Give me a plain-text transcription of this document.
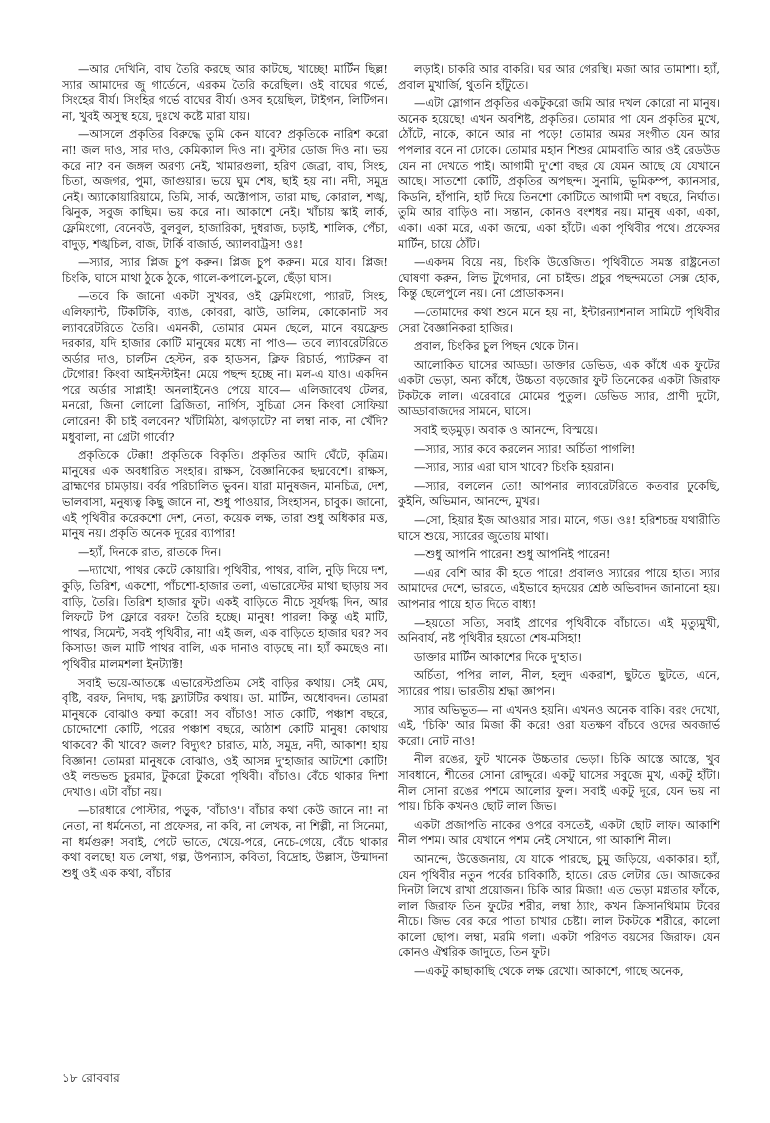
—আর দেখিনি, বাঘ তৈরি করছে আর কাটছে, খাচ্ছে! মার্টিন ছিল্ল! স্যার আমাদের জু গার্ডেনে, এরকম তৈরি করেছিল। ওই বাঘের গর্ভে, সিংহের বীর্য। সিংহির গর্ভে বাঘের বীর্য। ওসব হয়েছিল, টাইগন, লিটিগন। না, খুবই অসুস্থ হয়ে, দুঃখে কষ্টে মারা যায়।

—আসলে প্রকৃতির বিরুদ্ধে তুমি কেন যাবে? প্রকৃতিকে নারিশ করো না! জল দাও, সার দাও, কেমিক্যাল দিও না। বুস্টার ডোজ দিও না। ভয় করে না? বন জঙ্গল অরণ্য নেই, খামারগুলা, হরিণ জেব্রা, বাঘ, সিংহ, চিতা, অজগর, পুমা, জাগুয়ার। ভয়ে ঘুম শেষ, ছাই হয় না। নদী, সমুদ্র নেই। অ্যাকোয়ারিয়ামে, তিমি, সার্ক, অক্টোপাস, তারা মাছ, কোরাল, শঙ্খ, ঝিনুক, সবুজ কাছিম। ভয় করে না। আকাশে নেই। খাঁচায় স্কাই লার্ক, ফ্লেমিংগো, বেনেবউ, বুলবুল, হাজারিকা, দুধরাজ, চড়াই, শালিক, পেঁচা, বাদুড়, শঙ্খচিল, বাজ, টার্কি বাজার্ড, অ্যালবাট্রস! ওঃ!

—স্যার, স্যার প্লিজ চুপ করুন। প্লিজ চুপ করুন। মরে যাব। প্লিজ! চিংকি, ঘাসে মাথা ঠুকে ঠুকে, গালে-কপালে-চুলে, ছেঁড়া ঘাস।

—তবে কি জানো একটা সুখবর, ওই ফ্লেমিংগো, প্যারট, সিংহ, এলিফ্যান্ট, টিকটিকি, ব্যাঙ, কোবরা, ঝাউ, ডালিম, কোকোনাট সব ল্যাবরেটরিতে তৈরি। এমনকী, তোমার মেমন ছেলে, মানে বয়ফ্রেন্ড দরকার, যদি হাজার কোটি মানুষের মধ্যে না পাও— তবে ল্যাবরেটরিতে অর্ডার দাও, চার্লটন হেস্টন, রক হাডসন, ক্লিফ রিচার্ড, প্যাটরুন বা টেগোর! কিংবা আইনস্টাইন! মেয়ে পছন্দ হচ্ছে না। মল-এ যাও। একদিন পরে অর্ডার সাপ্লাই! অনলাইনেও পেয়ে যাবে— এলিজাবেথ টেলর, মনরো, জিনা লোলো ব্রিজিতা, নার্গিস, সুচিত্রা সেন কিংবা সোফিয়া লোরেন! কী চাই বলবেন? খাঁটামিঠা, ঝগড়াটে? না লম্বা নাক, না খেঁদি? মধুবালা, না গ্রেটা গার্বো?

প্রকৃতিকে টেক্কা! প্রকৃতিকে বিকৃতি। প্রকৃতির আদি ঘেঁটে, কৃত্রিম। মানুষের এক অবধারিত সংহার। রাক্ষস, বৈজ্ঞানিকের ছদ্মবেশে। রাক্ষস, ব্রাহ্মণের চামড়ায়। বর্বর পরিচালিত ভুবন। যারা মানুষজন, মানচিত্র, দেশ, ভালবাসা, মনুষ্যত্ব কিছু জানে না, শুধু পাওয়ার, সিংহাসন, চাবুক। জানো, এই পৃথিবীর করেকশো দেশ, নেতা, কয়েক লক্ষ, তারা শুধু অধিকার মত্ত, মানুষ নয়। প্রকৃতি অনেক দূরের ব্যাপার!

—হ্যাঁ, দিনকে রাত, রাতকে দিন।

—দ্যাখো, পাথর কেটে কোয়ারি। পৃথিবীর, পাথর, বালি, নুড়ি দিয়ে দশ, কুড়ি, তিরিশ, একশো, পাঁচশো-হাজার তলা, এভারেস্টের মাথা ছাড়ায় সব বাড়ি, তৈরি। তিরিশ হাজার ফুট। একই বাড়িতে নীচে সূর্যদগ্ধ দিন, আর লিফটে টপ ফ্লোরে বরফ! তৈরি হচ্ছে। মানুষ! পারল! কিন্তু এই মাটি, পাথর, সিমেন্ট, সবই পৃথিবীর, না! এই জল, এক বাড়িতে হাজার ঘর? সব কিসাড! জল মাটি পাথর বালি, এক দানাও বাড়ছে না। হ্যাঁ কমছেও না। পৃথিবীর মালমশলা ইনট্যাক্ট!

সবাই ভয়ে-আতঙ্কে এভারেস্টপ্রতিম সেই বাড়ির কথায়। সেই মেঘ, বৃষ্টি, বরফ, নিদাঘ, দগ্ধ ফ্ল্যাটটির কথায়। ডা. মার্টিন, অধোবদন। তোমরা মানুষকে বোঝাও কম্মা করো! সব বাঁচাও! সাত কোটি, পঞ্চাশ বছরে, চোদ্দোশো কোটি, পরের পঞ্চাশ বছরে, আঠাশ কোটি মানুষ! কোথায় থাকবে? কী খাবে? জল? বিদ্যুৎ? চারাত, মাঠ, সমুদ্র, নদী, আকাশ! হায় বিজ্ঞান! তোমরা মানুষকে বোঝাও, ওই আসন্ন দু'হাজার আটশো কোটি! ওই লন্ডভন্ড চুরমার, টুকরো টুকরো পৃথিবী। বাঁচাও। বেঁচে থাকার দিশা দেখাও। এটা বাঁচা নয়।

—চারধারে পোস্টার, পড়ুক, 'বাঁচাও'। বাঁচার কথা কেউ জানে না! না নেতা, না ধর্মনেতা, না প্রফেসর, না কবি, না লেখক, না শিল্পী, না সিনেমা, না ধর্মগুরু! সবাই, পেটে ভাতে, খেয়ে-পরে, নেচে-গেয়ে, বেঁচে থাকার কথা বলছে! যত লেখা, গল্প, উপন্যাস, কবিতা, বিদ্রোহ, উল্লাস, উন্মাদনা শুধু ওই এক কথা, বাঁচার

লড়াই। চাকরি আর বাকরি। ঘর আর গেরস্থি। মজা আর তামাশা। হ্যাঁ, প্রবাল মুখার্জি, থুতনি হাঁটুতে।

—এটা স্লোগান প্রকৃতির একটুকরো জমি আর দখল কোরো না মানুষ। অনেক হয়েছে! এখন অবশিষ্ট, প্রকৃতির। তোমার পা যেন প্রকৃতির মুখে, ঠোঁটে, নাকে, কানে আর না পড়ে! তোমার অমর সংগীত যেন আর পপলার বনে না ঢোকে। তোমার মহান শিশুর মোমবাতি আর ওই রেডউড যেন না দেখতে পাই। আগামী দু'শো বছর যে যেমন আছে যে যেখানে আছে। সাতশো কোটি, প্রকৃতির অপছন্দ। সুনামি, ভূমিকম্প, ক্যানসার, কিডনি, হাঁপানি, হার্ট দিয়ে তিনশো কোটিতে আগামী দশ বছরে, নির্ঘাত। তুমি আর বাড়িও না। সন্তান, কোনও বংশধর নয়। মানুষ একা, একা, একা। একা মরে, একা জন্মে, একা হাঁটে। একা পৃথিবীর পথে। প্রফেসর মার্টিন, চায়ে ঠোঁট।

—একদম বিয়ে নয়, চিংকি উত্তেজিত। পৃথিবীতে সমস্ত রাষ্ট্রনেতা ঘোষণা করুন, লিভ টুগেদার, নো চাইল্ড। প্রচুর পছন্দমতো সেক্স হোক, কিন্তু ছেলেপুলে নয়। নো প্রোডাকসন।

—তোমাদের কথা শুনে মনে হয় না, ইন্টারন্যাশনাল সামিটে পৃথিবীর সেরা বৈজ্ঞানিকরা হাজির।

প্রবাল, চিংকির চুল পিছন থেকে টান।

আলোকিত ঘাসের আড্ডা। ডাক্তার ডেভিড, এক কাঁধে এক ফুটের একটা ভেড়া, অন্য কাঁধে, উচ্চতা বড়জোর ফুট তিনেকের একটা জিরাফ টকটকে লাল। এরেবারে মোমের পুতুল। ডেভিড স্যার, প্রাণী দুটো, আড্ডাবাজদের সামনে, ঘাসে।

সবাই হুড়মুড়। অবাক ও আনন্দে, বিস্ময়ে।

—স্যার, স্যার কবে করলেন স্যার! অর্চিতা পাগলি!

—স্যার, স্যার এরা ঘাস খাবে? চিংকি হয়রান।

—স্যার, বললেন তো! আপনার ল্যাবরেটরিতে কতবার ঢুকেছি, কুইনি, অভিমান, আনন্দে, মুখর।

—সো, হিয়ার ইজ আওয়ার সার। মানে, গড। ওঃ! হরিশচন্দ্র যথারীতি ঘাসে শুয়ে, স্যারের জুতোয় মাথা।

—শুধু আপনি পারেন! শুধু আপনিই পারেন!

—এর বেশি আর কী হতে পারে! প্রবালও স্যারের পায়ে হাত। স্যার আমাদের দেশে, ভারতে, এইভাবে হৃদয়ের শ্রেষ্ঠ অভিবাদন জানানো হয়। আপনার পায়ে হাত দিতে বাধ্য!

—হয়তো সত্যি, সবাই প্রাণের পৃথিবীকে বাঁচাতে। এই মৃত্যুমুখী, অনিবার্য, নষ্ট পৃথিবীর হয়তো শেষ-মসিহা!

ডাক্তার মার্টিন আকাশের দিকে দু'হাত।

অর্চিতা, পপির লাল, নীল, হলুদ একরাশ, ছুটতে ছুটতে, এনে, স্যারের পায়। ভারতীয় শ্রদ্ধা জ্ঞাপন।

স্যার অভিভূত— না এখনও হয়নি। এখনও অনেক বাকি। বরং দেখো, এই, 'চিকি' আর মিজা কী করে! ওরা যতক্ষণ বাঁচবে ওদের অবজার্ভ করো। নোট নাও!

নীল রঙের, ফুট খানেক উচ্চতার ভেড়া। চিকি আস্তে আস্তে, খুব সাবধানে, শীতের সোনা রোদ্দুরে। একটু ঘাসের সবুজে মুখ, একটু হাঁটা। নীল সোনা রঙের পশমে আলোর ফুল। সবাই একটু দূরে, যেন ভয় না পায়। চিকি কখনও ছোট লাল জিভ।

একটা প্রজাপতি নাকের ওপরে বসতেই, একটা ছোট লাফ। আকাশি নীল পশম। আর যেখানে পশম নেই সেখানে, গা আকাশি নীল।

আনন্দে, উত্তেজনায়, যে যাকে পারছে, চুমু জড়িয়ে, একাকার। হ্যাঁ, যেন পৃথিবীর নতুন পর্বের চাবিকাঠি, হাতে। রেড লেটার ডে। আজকের দিনটা লিখে রাখা প্রয়োজন। চিকি আর মিজা! এত ভেড়া মগ্নতার ফাঁকে, লাল জিরাফ তিন ফুটের শরীর, লম্বা ঠ্যাং, কখন ক্রিসানথিমাম টবের নীচে। জিভ বের করে পাতা চাখার চেষ্টা। লাল টকটকে শরীরে, কালো কালো ছোপ। লম্বা, মরমি গলা। একটা পরিণত বয়সের জিরাফ। যেন কোনও ঐশ্বরিক জাদুতে, তিন ফুট।

—একটু কাছাকাছি থেকে লক্ষ রেখো। আকাশে, গাছে অনেক,

১৮ রোববার
